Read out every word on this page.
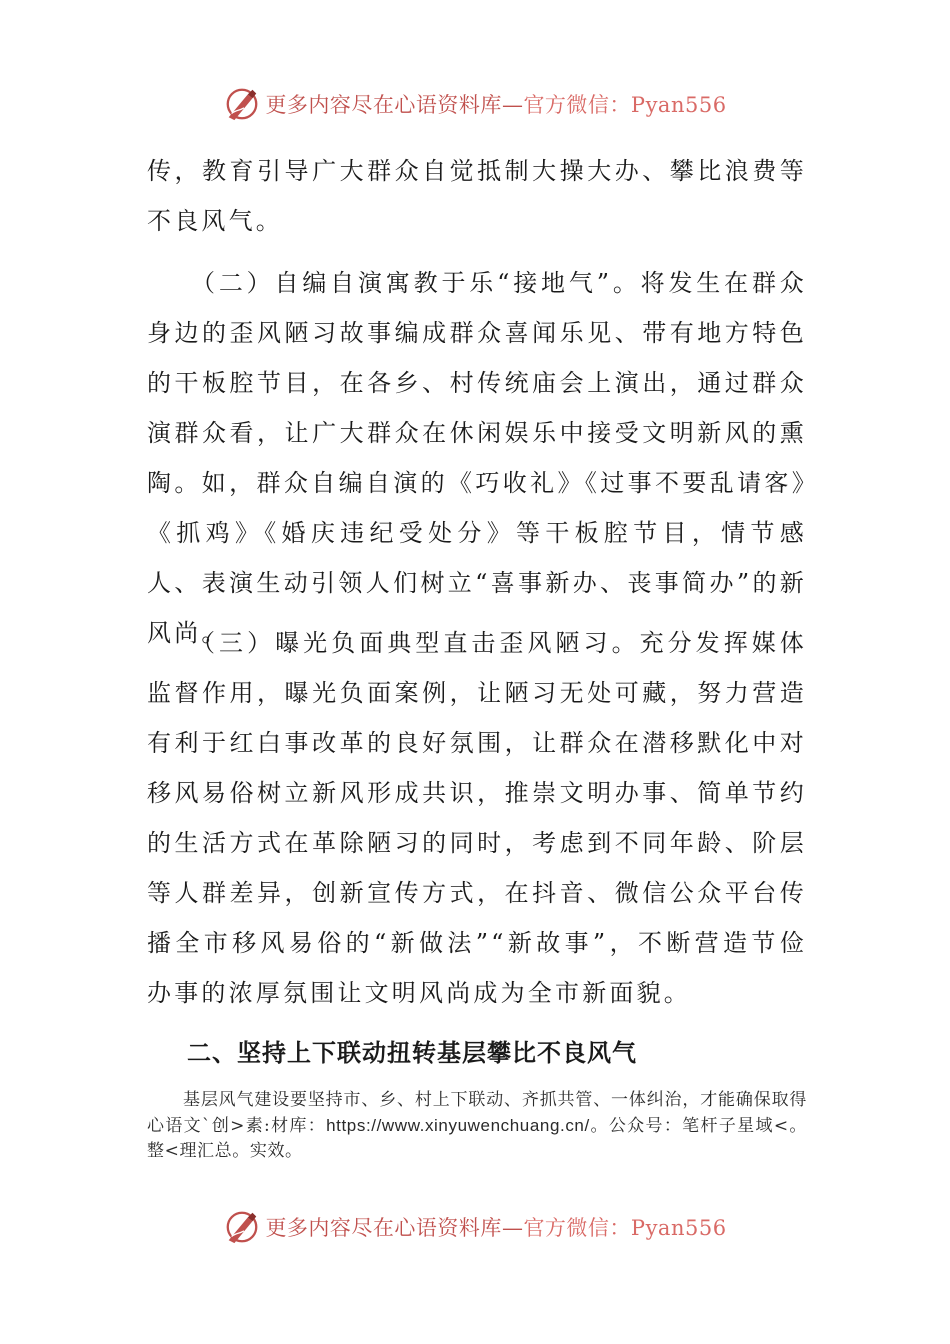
更多内容尽在心语资料库—官方微信：Pyan556

传，教育引导广大群众自觉抵制大操大办、攀比浪费等不良风气。

（二）自编自演寓教于乐“接地气”。将发生在群众身边的歪风陋习故事编成群众喜闻乐见、带有地方特色的干板腔节目，在各乡、村传统庙会上演出，通过群众演群众看，让广大群众在休闲娱乐中接受文明新风的熏陶。如，群众自编自演的《巧收礼》《过事不要乱请客》《抓鸡》《婚庆违纪受处分》等干板腔节目，情节感人、表演生动引领人们树立“喜事新办、丧事简办”的新风尚。

（三）曝光负面典型直击歪风陋习。充分发挥媒体监督作用，曝光负面案例，让陋习无处可藏，努力营造有利于红白事改革的良好氛围，让群众在潜移默化中对移风易俗树立新风形成共识，推崇文明办事、简单节约的生活方式在革除陋习的同时，考虑到不同年龄、阶层等人群差异，创新宣传方式，在抖音、微信公众平台传播全市移风易俗的“新做法”“新故事”，不断营造节俭办事的浓厚氛围让文明风尚成为全市新面貌。

二、坚持上下联动扭转基层攀比不良风气

基层风气建设要坚持市、乡、村上下联动、齐抓共管、一体纠治，才能确保取得心语文`创>素:材库：https://www.xinyuwenchuang.cn/。公众号：笔杆子星域<。整<理汇总。实效。

更多内容尽在心语资料库—官方微信：Pyan556
